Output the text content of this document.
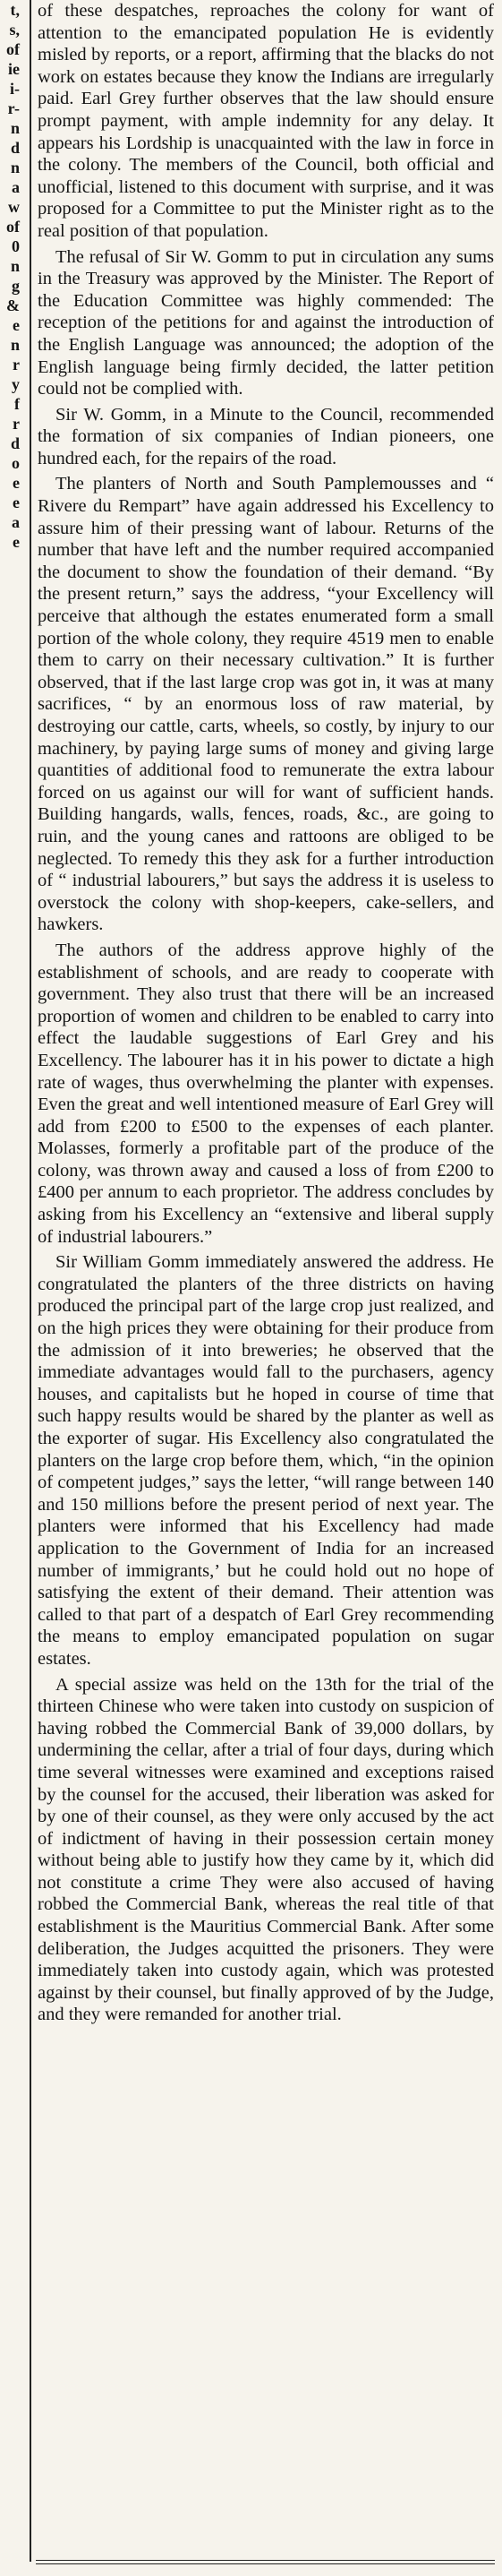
t,
s,
of
ie
i-
r-
n
d
n
a
w
of
0
n
g
&
e
n
r
y
f
r
d
o
e
e
a
e

of these despatches, reproaches the colony for want of attention to the emancipated population He is evidently misled by reports, or a report, affirming that the blacks do not work on estates because they know the Indians are irregularly paid. Earl Grey further observes that the law should ensure prompt payment, with ample indemnity for any delay. It appears his Lordship is unacquainted with the law in force in the colony. The members of the Council, both official and unofficial, listened to this document with surprise, and it was proposed for a Committee to put the Minister right as to the real position of that population.

The refusal of Sir W. Gomm to put in circulation any sums in the Treasury was approved by the Minister. The Report of the Education Committee was highly commended: The reception of the petitions for and against the introduction of the English Language was announced; the adoption of the English language being firmly decided, the latter petition could not be complied with.

Sir W. Gomm, in a Minute to the Council, recommended the formation of six companies of Indian pioneers, one hundred each, for the repairs of the road.

The planters of North and South Pamplemousses and “ Rivere du Rempart” have again addressed his Excellency to assure him of their pressing want of labour. Returns of the number that have left and the number required accompanied the document to show the foundation of their demand. “By the present return,” says the address, “your Excellency will perceive that although the estates enumerated form a small portion of the whole colony, they require 4519 men to enable them to carry on their necessary cultivation.” It is further observed, that if the last large crop was got in, it was at many sacrifices, “ by an enormous loss of raw material, by destroying our cattle, carts, wheels, so costly, by injury to our machinery, by paying large sums of money and giving large quantities of additional food to remunerate the extra labour forced on us against our will for want of sufficient hands. Building hangards, walls, fences, roads, &c., are going to ruin, and the young canes and rattoons are obliged to be neglected. To remedy this they ask for a further introduction of “ industrial labourers,” but says the address it is useless to overstock the colony with shop-keepers, cake-sellers, and hawkers.

The authors of the address approve highly of the establishment of schools, and are ready to cooperate with government. They also trust that there will be an increased proportion of women and children to be enabled to carry into effect the laudable suggestions of Earl Grey and his Excellency. The labourer has it in his power to dictate a high rate of wages, thus overwhelming the planter with expenses. Even the great and well intentioned measure of Earl Grey will add from £200 to £500 to the expenses of each planter. Molasses, formerly a profitable part of the produce of the colony, was thrown away and caused a loss of from £200 to £400 per annum to each proprietor. The address concludes by asking from his Excellency an “extensive and liberal supply of industrial labourers.”

Sir William Gomm immediately answered the address. He congratulated the planters of the three districts on having produced the principal part of the large crop just realized, and on the high prices they were obtaining for their produce from the admission of it into breweries; he observed that the immediate advantages would fall to the purchasers, agency houses, and capitalists but he hoped in course of time that such happy results would be shared by the planter as well as the exporter of sugar. His Excellency also congratulated the planters on the large crop before them, which, “in the opinion of competent judges,” says the letter, “will range between 140 and 150 millions before the present period of next year. The planters were informed that his Excellency had made application to the Government of India for an increased number of immigrants,’ but he could hold out no hope of satisfying the extent of their demand. Their attention was called to that part of a despatch of Earl Grey recommending the means to employ emancipated population on sugar estates.

A special assize was held on the 13th for the trial of the thirteen Chinese who were taken into custody on suspicion of having robbed the Commercial Bank of 39,000 dollars, by undermining the cellar, after a trial of four days, during which time several witnesses were examined and exceptions raised by the counsel for the accused, their liberation was asked for by one of their counsel, as they were only accused by the act of indictment of having in their possession certain money without being able to justify how they came by it, which did not constitute a crime They were also accused of having robbed the Commercial Bank, whereas the real title of that establishment is the Mauritius Commercial Bank. After some deliberation, the Judges acquitted the prisoners. They were immediately taken into custody again, which was protested against by their counsel, but finally approved of by the Judge, and they were remanded for another trial.
